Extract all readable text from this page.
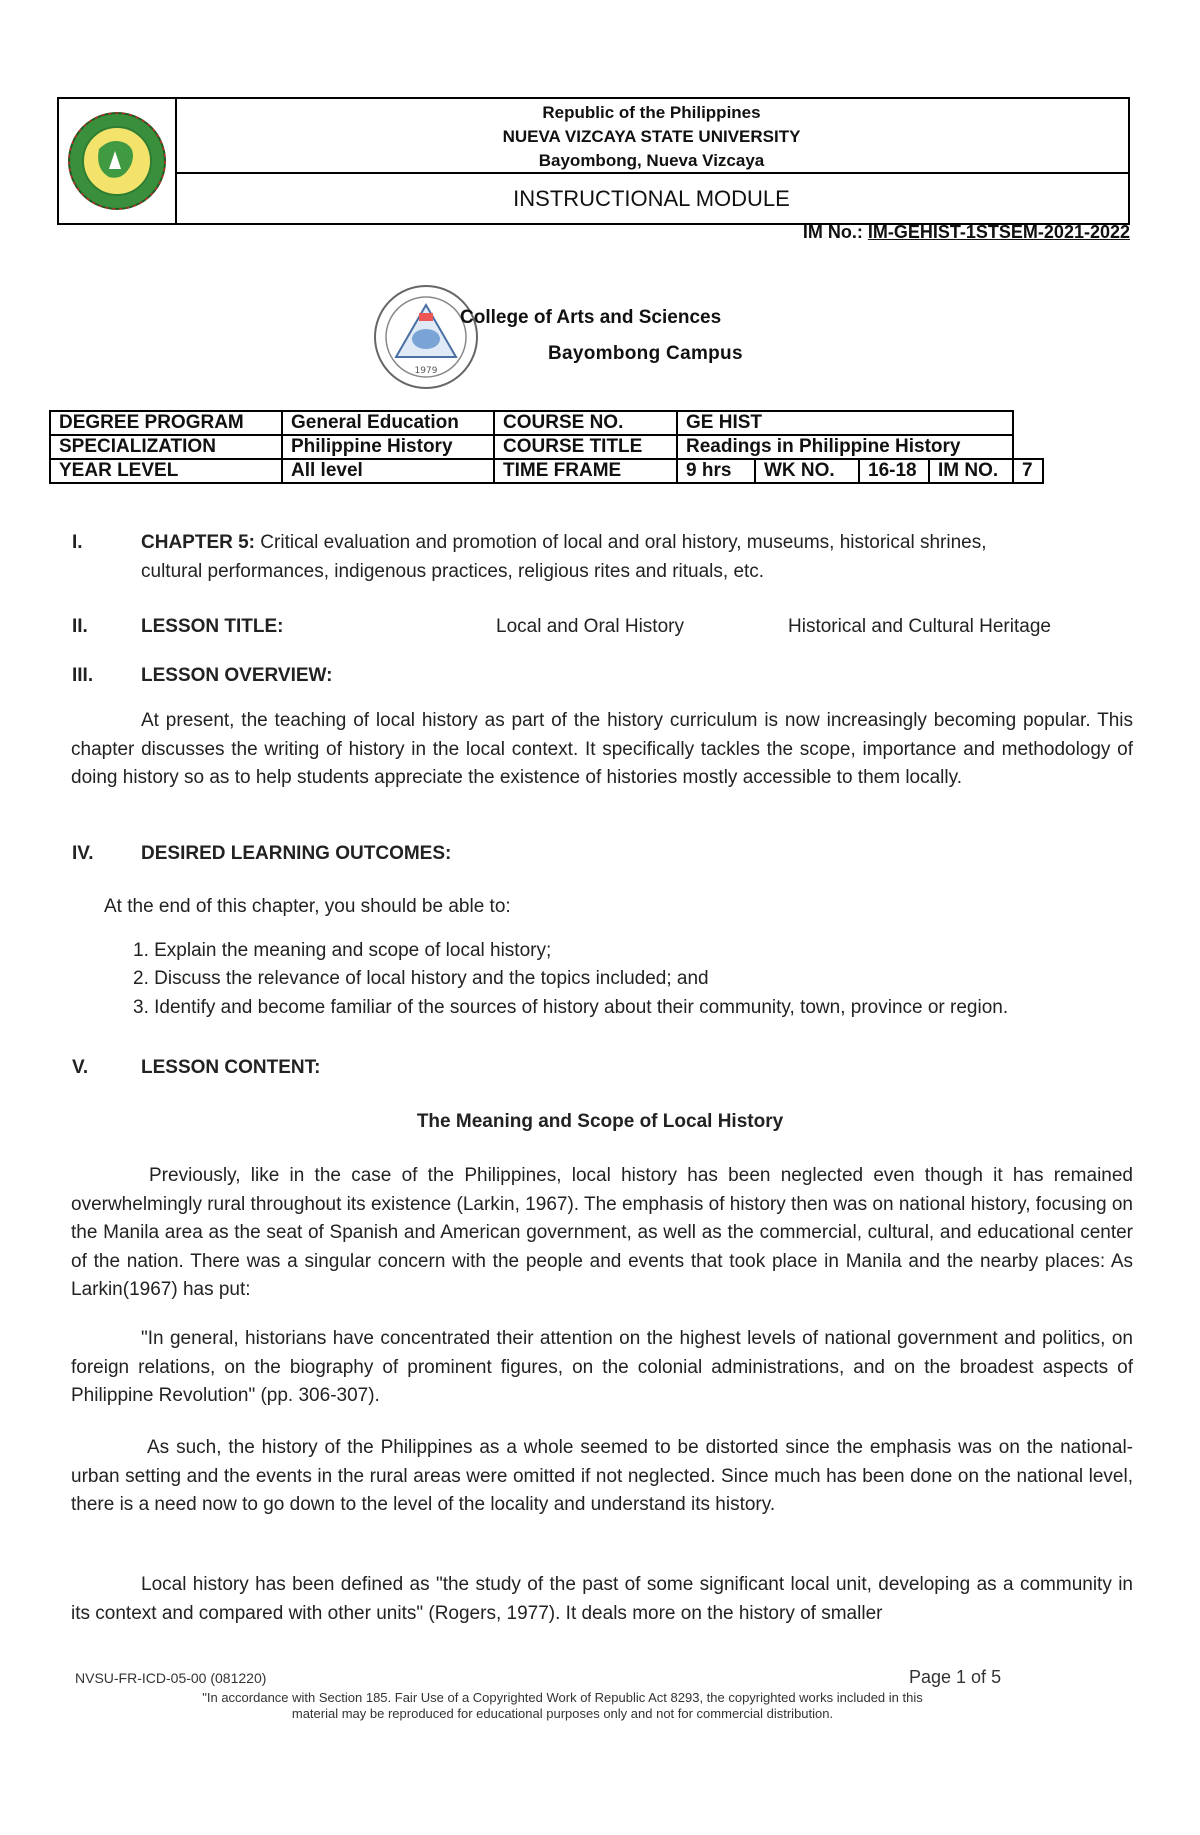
Republic of the Philippines
NUEVA VIZCAYA STATE UNIVERSITY
Bayombong, Nueva Vizcaya
INSTRUCTIONAL MODULE
IM No.: IM-GEHIST-1STSEM-2021-2022
1979
College of Arts and Sciences
Bayombong Campus
DEGREE PROGRAM	General Education	COURSE NO.	GE HIST				
SPECIALIZATION	Philippine History	COURSE TITLE	Readings in Philippine History				
YEAR LEVEL	All level	TIME FRAME	9 hrs	WK NO.	16-18	IM NO.	7
I.	CHAPTER 5: Critical evaluation and promotion of local and oral history, museums, historical shrines,
cultural performances, indigenous practices, religious rites and rituals, etc.
II.	LESSON TITLE:	Local and Oral History	Historical and Cultural Heritage
III.	LESSON OVERVIEW:
At present, the teaching of local history as part of the history curriculum is now increasingly becoming popular. This chapter discusses the writing of history in the local context. It specifically tackles the scope, importance and methodology of doing history so as to help students appreciate the existence of histories mostly accessible to them locally.
IV.	DESIRED LEARNING OUTCOMES:
At the end of this chapter, you should be able to:
1. Explain the meaning and scope of local history;
2. Discuss the relevance of local history and the topics included; and
3. Identify and become familiar of the sources of history about their community, town, province or region.
V.	LESSON CONTENT:
The Meaning and Scope of Local History
Previously, like in the case of the Philippines, local history has been neglected even though it has remained overwhelmingly rural throughout its existence (Larkin, 1967). The emphasis of history then was on national history, focusing on the Manila area as the seat of Spanish and American government, as well as the commercial, cultural, and educational center of the nation. There was a singular concern with the people and events that took place in Manila and the nearby places: As Larkin(1967) has put:
"In general, historians have concentrated their attention on the highest levels of national government and politics, on foreign relations, on the biography of prominent figures, on the colonial administrations, and on the broadest aspects of Philippine Revolution" (pp. 306-307).
As such, the history of the Philippines as a whole seemed to be distorted since the emphasis was on the national-urban setting and the events in the rural areas were omitted if not neglected. Since much has been done on the national level, there is a need now to go down to the level of the locality and understand its history.
Local history has been defined as "the study of the past of some significant local unit, developing as a community in its context and compared with other units" (Rogers, 1977). It deals more on the history of smaller
NVSU-FR-ICD-05-00 (081220)	Page 1 of 5
"In accordance with Section 185. Fair Use of a Copyrighted Work of Republic Act 8293, the copyrighted works included in this
material may be reproduced for educational purposes only and not for commercial distribution.
